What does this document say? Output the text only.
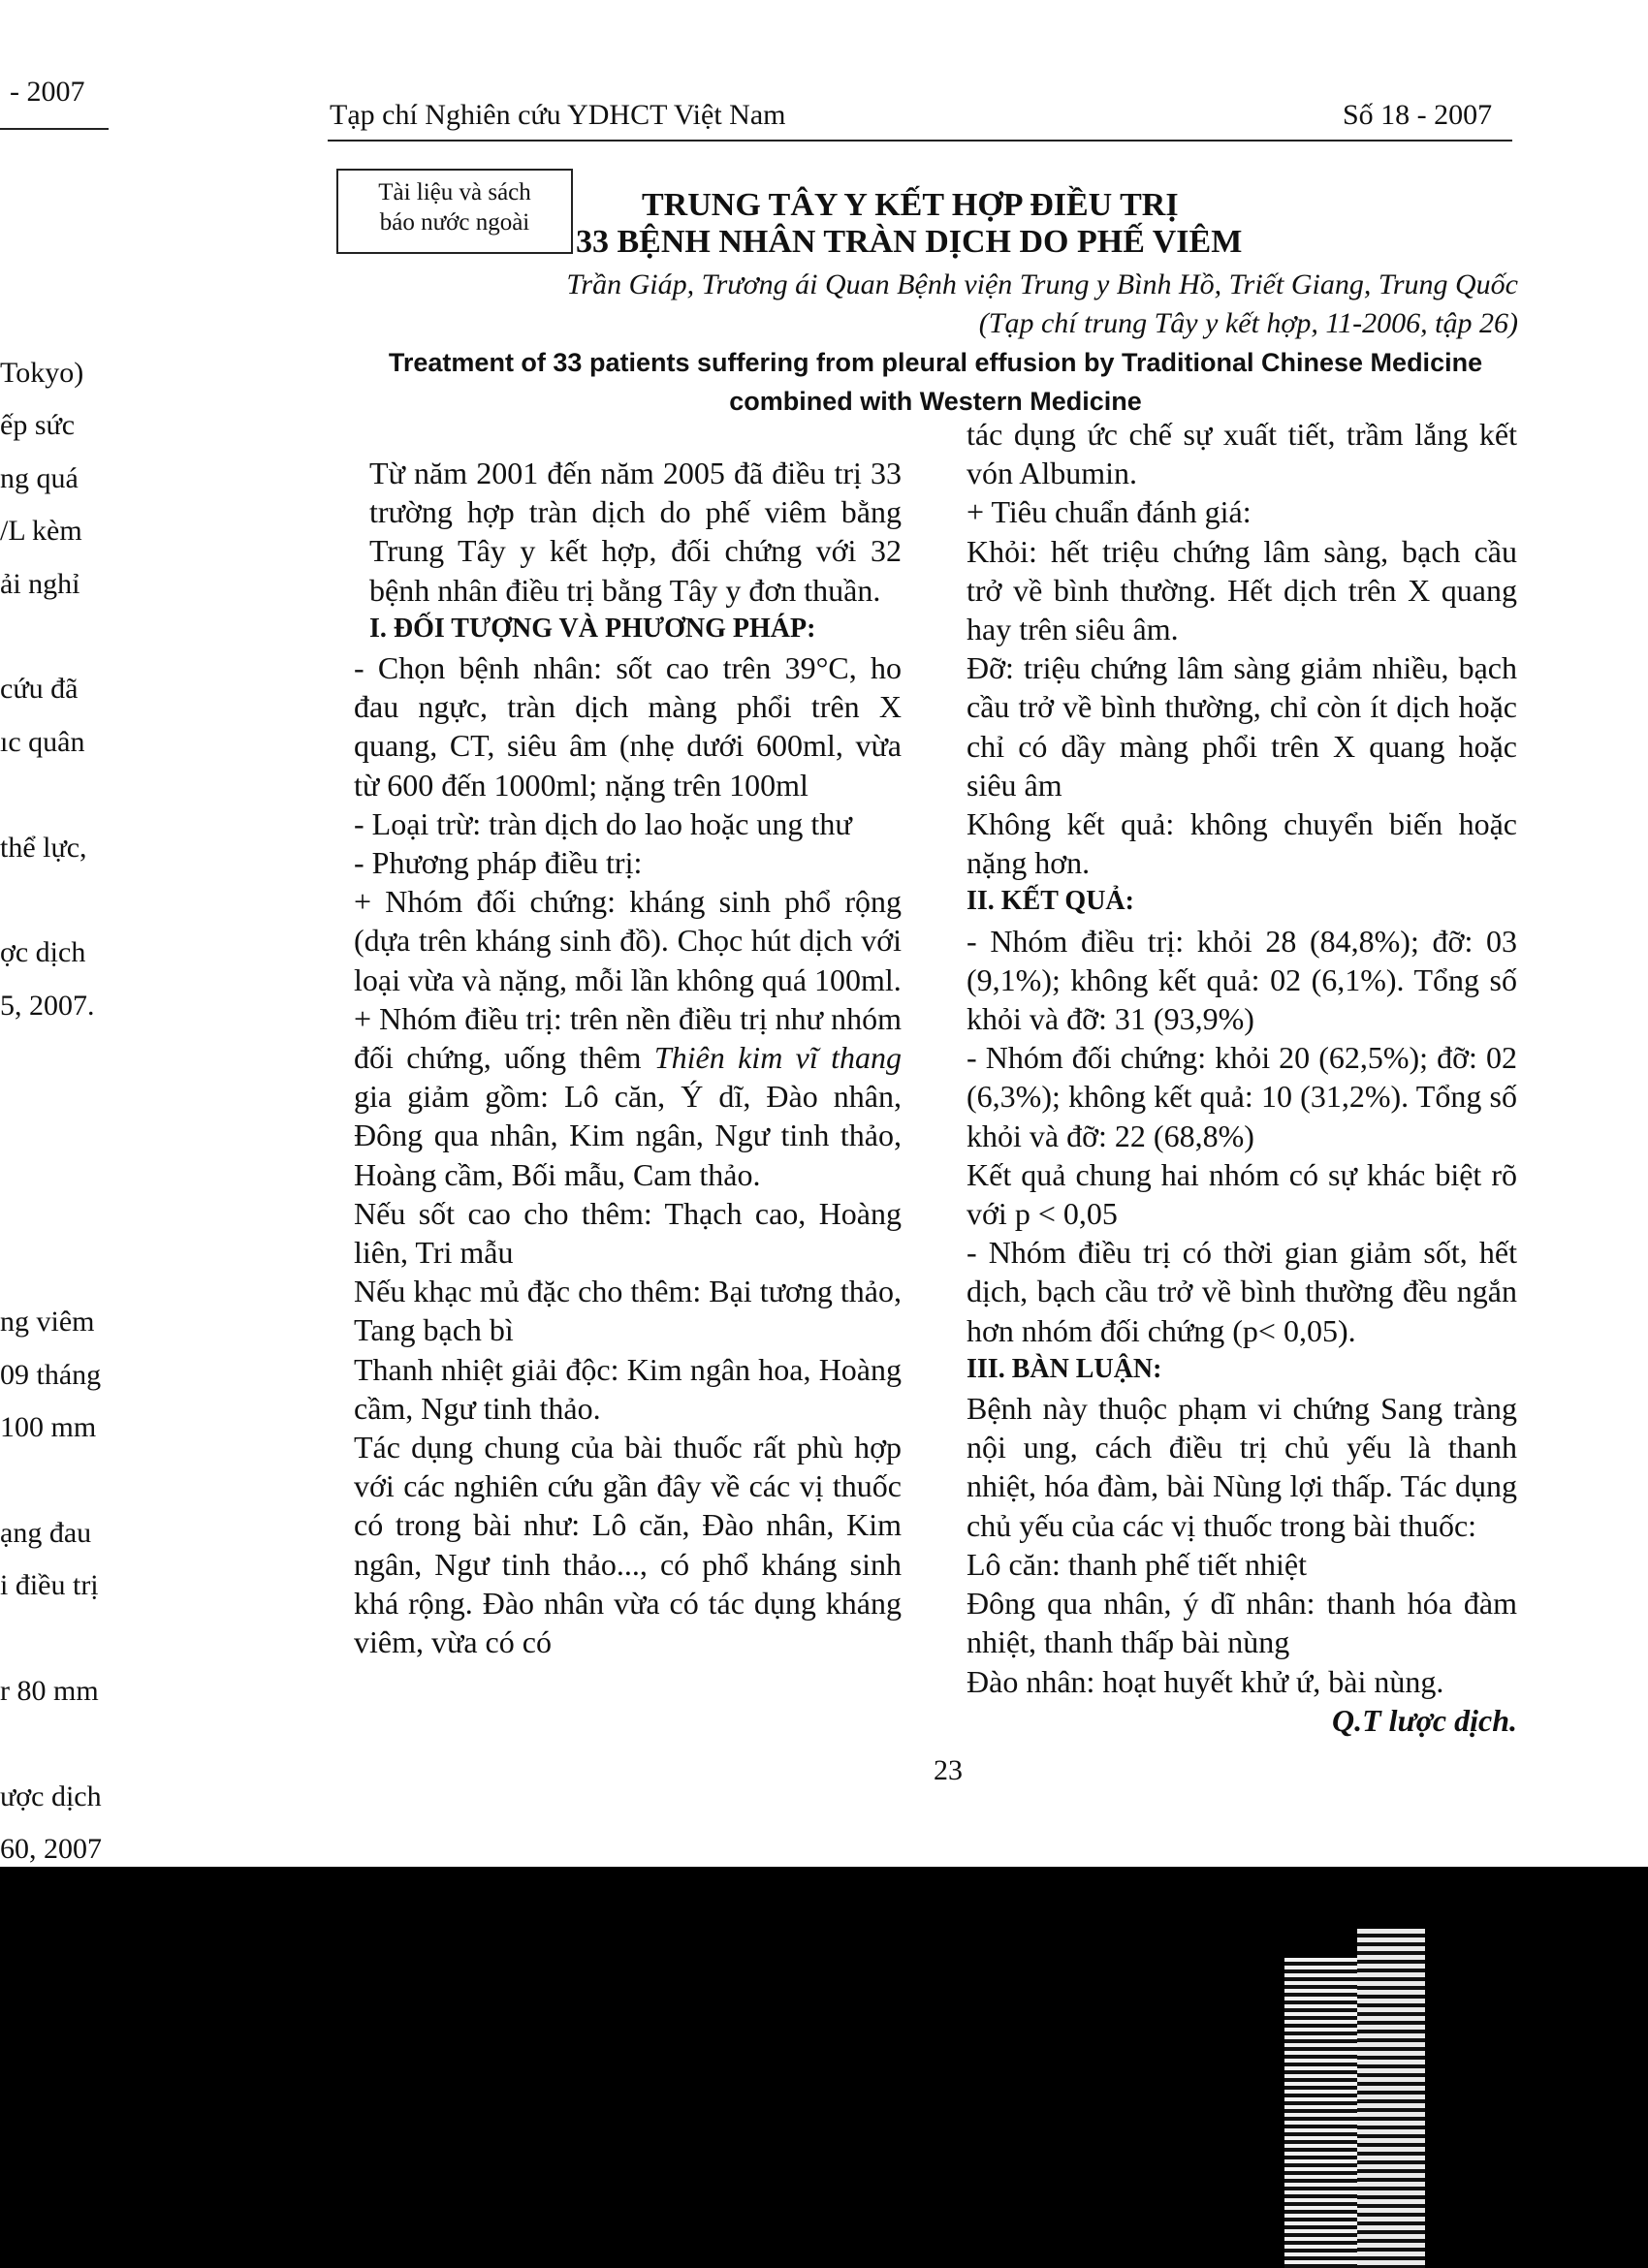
- 2007
Tokyo)
ếp sức
ng quá
/L kèm
ải nghỉ

cứu đã
ıc quân

thể lực,

ợc dịch
5, 2007.

ng viêm
09 tháng
100 mm

ạng đau
i điều trị

r 80 mm

ược dịch
60, 2007
Tạp chí Nghiên cứu YDHCT Việt Nam	Số 18 - 2007
Tài liệu và sách
báo nước ngoài	TRUNG TÂY Y KẾT HỢP ĐIỀU TRỊ
33 BỆNH NHÂN TRÀN DỊCH DO PHẾ VIÊM
Trần Giáp, Trương ái Quan Bệnh viện Trung y Bình Hồ, Triết Giang, Trung Quốc
(Tạp chí trung Tây y kết hợp, 11-2006, tập 26)
Treatment of 33 patients suffering from pleural effusion by Traditional Chinese Medicine combined with Western Medicine

Từ năm 2001 đến năm 2005 đã điều trị 33 trường hợp tràn dịch do phế viêm bằng Trung Tây y kết hợp, đối chứng với 32 bệnh nhân điều trị bằng Tây y đơn thuần.

I. ĐỐI TƯỢNG VÀ PHƯƠNG PHÁP:

- Chọn bệnh nhân: sốt cao trên 39°C, ho đau ngực, tràn dịch màng phổi trên X quang, CT, siêu âm (nhẹ dưới 600ml, vừa từ 600 đến 1000ml; nặng trên 100ml

- Loại trừ: tràn dịch do lao hoặc ung thư

- Phương pháp điều trị:

+ Nhóm đối chứng: kháng sinh phổ rộng (dựa trên kháng sinh đồ). Chọc hút dịch với loại vừa và nặng, mỗi lần không quá 100ml.

+ Nhóm điều trị: trên nền điều trị như nhóm đối chứng, uống thêm Thiên kim vĩ thang gia giảm gồm: Lô căn, Ý dĩ, Đào nhân, Đông qua nhân, Kim ngân, Ngư tinh thảo, Hoàng cầm, Bối mẫu, Cam thảo.

Nếu sốt cao cho thêm: Thạch cao, Hoàng liên, Tri mẫu

Nếu khạc mủ đặc cho thêm: Bại tương thảo, Tang bạch bì

Thanh nhiệt giải độc: Kim ngân hoa, Hoàng cầm, Ngư tinh thảo.

Tác dụng chung của bài thuốc rất phù hợp với các nghiên cứu gần đây về các vị thuốc có trong bài như: Lô căn, Đào nhân, Kim ngân, Ngư tinh thảo..., có phổ kháng sinh khá rộng. Đào nhân vừa có tác dụng kháng viêm, vừa có có

tác dụng ức chế sự xuất tiết, trầm lắng kết vón Albumin.

+ Tiêu chuẩn đánh giá:

Khỏi: hết triệu chứng lâm sàng, bạch cầu trở về bình thường. Hết dịch trên X quang hay trên siêu âm.

Đỡ: triệu chứng lâm sàng giảm nhiều, bạch cầu trở về bình thường, chỉ còn ít dịch hoặc chỉ có dầy màng phổi trên X quang hoặc siêu âm

Không kết quả: không chuyển biến hoặc nặng hơn.

II. KẾT QUẢ:

- Nhóm điều trị: khỏi 28 (84,8%); đỡ: 03 (9,1%); không kết quả: 02 (6,1%). Tổng số khỏi và đỡ: 31 (93,9%)

- Nhóm đối chứng: khỏi 20 (62,5%); đỡ: 02 (6,3%); không kết quả: 10 (31,2%). Tổng số khỏi và đỡ: 22 (68,8%)

Kết quả chung hai nhóm có sự khác biệt rõ với p < 0,05

- Nhóm điều trị có thời gian giảm sốt, hết dịch, bạch cầu trở về bình thường đều ngắn hơn nhóm đối chứng (p< 0,05).

III. BÀN LUẬN:

Bệnh này thuộc phạm vi chứng Sang tràng nội ung, cách điều trị chủ yếu là thanh nhiệt, hóa đàm, bài Nùng lợi thấp. Tác dụng chủ yếu của các vị thuốc trong bài thuốc:

Lô căn: thanh phế tiết nhiệt

Đông qua nhân, ý dĩ nhân: thanh hóa đàm nhiệt, thanh thấp bài nùng

Đào nhân: hoạt huyết khử ứ, bài nùng.

Q.T lược dịch.

23
